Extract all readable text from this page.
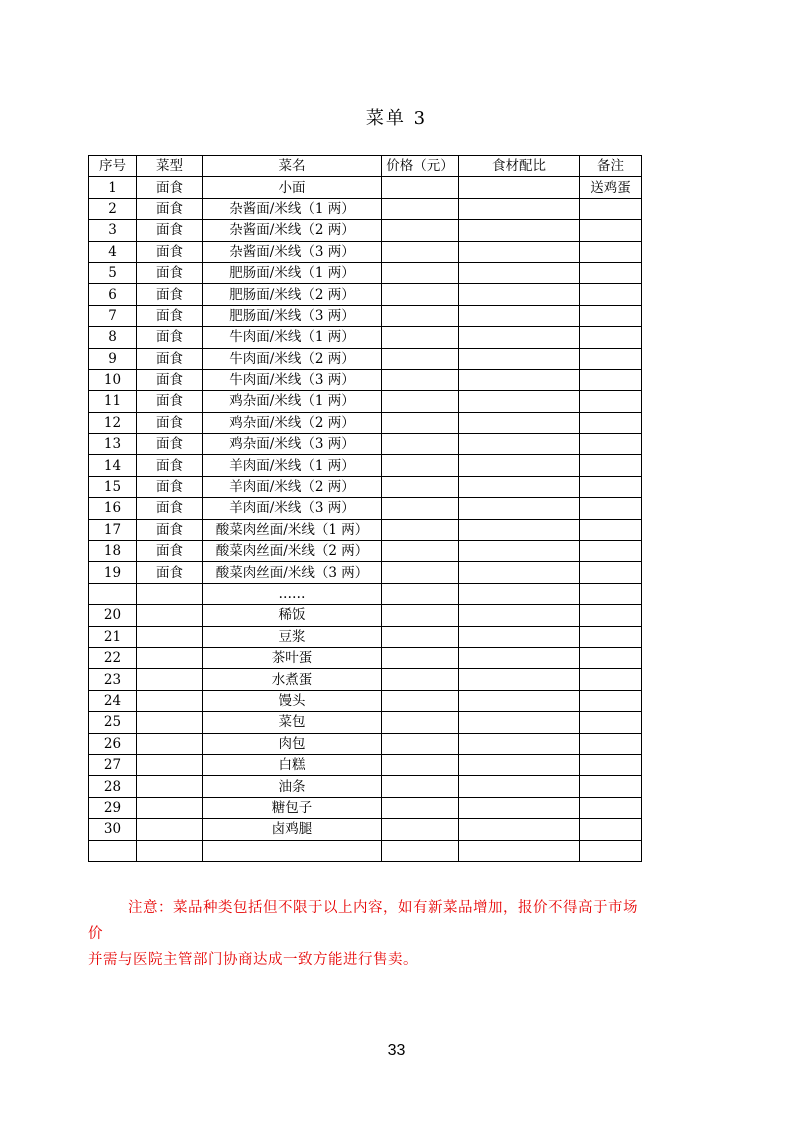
菜单 3
序号	菜型	菜名	价格（元）	食材配比	备注
1	面食	小面			送鸡蛋
2	面食	杂酱面/米线（1 两）			
3	面食	杂酱面/米线（2 两）			
4	面食	杂酱面/米线（3 两）			
5	面食	肥肠面/米线（1 两）			
6	面食	肥肠面/米线（2 两）			
7	面食	肥肠面/米线（3 两）			
8	面食	牛肉面/米线（1 两）			
9	面食	牛肉面/米线（2 两）			
10	面食	牛肉面/米线（3 两）			
11	面食	鸡杂面/米线（1 两）			
12	面食	鸡杂面/米线（2 两）			
13	面食	鸡杂面/米线（3 两）			
14	面食	羊肉面/米线（1 两）			
15	面食	羊肉面/米线（2 两）			
16	面食	羊肉面/米线（3 两）			
17	面食	酸菜肉丝面/米线（1 两）			
18	面食	酸菜肉丝面/米线（2 两）			
19	面食	酸菜肉丝面/米线（3 两）			
		……			
20		稀饭			
21		豆浆			
22		茶叶蛋			
23		水煮蛋			
24		馒头			
25		菜包			
26		肉包			
27		白糕			
28		油条			
29		糖包子			
30		卤鸡腿			

注意：菜品种类包括但不限于以上内容，如有新菜品增加，报价不得高于市场价
并需与医院主管部门协商达成一致方能进行售卖。
33
